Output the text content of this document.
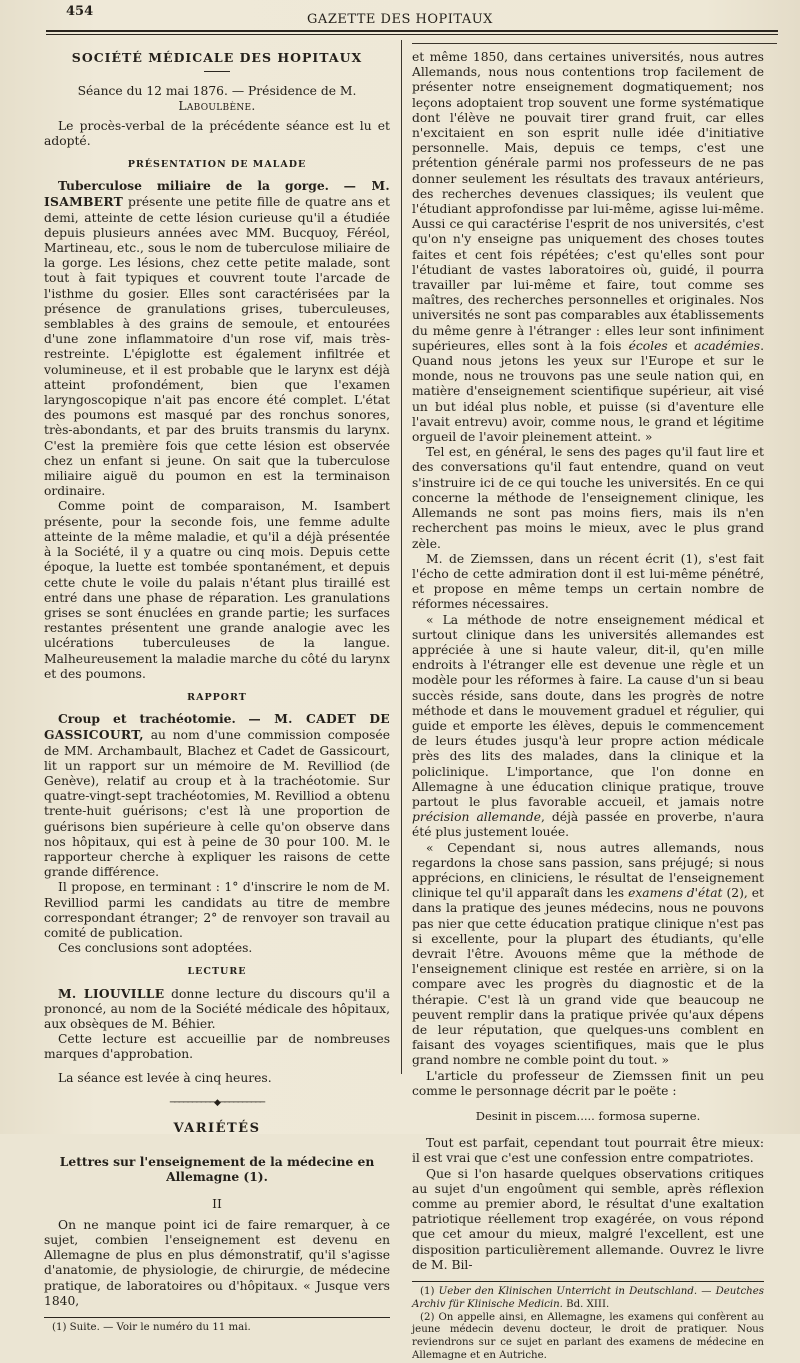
454
GAZETTE DES HOPITAUX
SOCIÉTÉ MÉDICALE DES HOPITAUX

Séance du 12 mai 1876. — Présidence de M. Laboulbène.

Le procès-verbal de la précédente séance est lu et adopté.

PRÉSENTATION DE MALADE

Tuberculose miliaire de la gorge. — M. ISAMBERT présente une petite fille de quatre ans et demi, atteinte de cette lésion curieuse qu'il a étudiée depuis plusieurs années avec MM. Bucquoy, Féréol, Martineau, etc., sous le nom de tuberculose miliaire de la gorge. Les lésions, chez cette petite malade, sont tout à fait typiques et couvrent toute l'arcade de l'isthme du gosier. Elles sont caractérisées par la présence de granulations grises, tuberculeuses, semblables à des grains de semoule, et entourées d'une zone inflammatoire d'un rose vif, mais très-restreinte. L'épiglotte est également infiltrée et volumineuse, et il est probable que le larynx est déjà atteint profondément, bien que l'examen laryngoscopique n'ait pas encore été complet. L'état des poumons est masqué par des ronchus sonores, très-abondants, et par des bruits transmis du larynx. C'est la première fois que cette lésion est observée chez un enfant si jeune. On sait que la tuberculose miliaire aiguë du poumon en est la terminaison ordinaire.

Comme point de comparaison, M. Isambert présente, pour la seconde fois, une femme adulte atteinte de la même maladie, et qu'il a déjà présentée à la Société, il y a quatre ou cinq mois. Depuis cette époque, la luette est tombée spontanément, et depuis cette chute le voile du palais n'étant plus tiraillé est entré dans une phase de réparation. Les granulations grises se sont énuclées en grande partie; les surfaces restantes présentent une grande analogie avec les ulcérations tuberculeuses de la langue. Malheureusement la maladie marche du côté du larynx et des poumons.

RAPPORT

Croup et trachéotomie. — M. CADET DE GASSICOURT, au nom d'une commission composée de MM. Archambault, Blachez et Cadet de Gassicourt, lit un rapport sur un mémoire de M. Revilliod (de Genève), relatif au croup et à la trachéotomie. Sur quatre-vingt-sept trachéotomies, M. Revilliod a obtenu trente-huit guérisons; c'est là une proportion de guérisons bien supérieure à celle qu'on observe dans nos hôpitaux, qui est à peine de 30 pour 100. M. le rapporteur cherche à expliquer les raisons de cette grande différence.

Il propose, en terminant : 1° d'inscrire le nom de M. Revilliod parmi les candidats au titre de membre correspondant étranger; 2° de renvoyer son travail au comité de publication.

Ces conclusions sont adoptées.

LECTURE

M. LIOUVILLE donne lecture du discours qu'il a prononcé, au nom de la Société médicale des hôpitaux, aux obsèques de M. Béhier.

Cette lecture est accueillie par de nombreuses marques d'approbation.

La séance est levée à cinq heures.

──────────◆──────────
VARIÉTÉS
Lettres sur l'enseignement de la médecine en Allemagne (1).
II

On ne manque point ici de faire remarquer, à ce sujet, combien l'enseignement est devenu en Allemagne de plus en plus démonstratif, qu'il s'agisse d'anatomie, de physiologie, de chirurgie, de médecine pratique, de laboratoires ou d'hôpitaux. « Jusque vers 1840,

(1) Suite. — Voir le numéro du 11 mai.

et même 1850, dans certaines universités, nous autres Allemands, nous nous contentions trop facilement de présenter notre enseignement dogmatiquement; nos leçons adoptaient trop souvent une forme systématique dont l'élève ne pouvait tirer grand fruit, car elles n'excitaient en son esprit nulle idée d'initiative personnelle. Mais, depuis ce temps, c'est une prétention générale parmi nos professeurs de ne pas donner seulement les résultats des travaux antérieurs, des recherches devenues classiques; ils veulent que l'étudiant approfondisse par lui-même, agisse lui-même. Aussi ce qui caractérise l'esprit de nos universités, c'est qu'on n'y enseigne pas uniquement des choses toutes faites et cent fois répétées; c'est qu'elles sont pour l'étudiant de vastes laboratoires où, guidé, il pourra travailler par lui-même et faire, tout comme ses maîtres, des recherches personnelles et originales. Nos universités ne sont pas comparables aux établissements du même genre à l'étranger : elles leur sont infiniment supérieures, elles sont à la fois écoles et académies. Quand nous jetons les yeux sur l'Europe et sur le monde, nous ne trouvons pas une seule nation qui, en matière d'enseignement scientifique supérieur, ait visé un but idéal plus noble, et puisse (si d'aventure elle l'avait entrevu) avoir, comme nous, le grand et légitime orgueil de l'avoir pleinement atteint. »

Tel est, en général, le sens des pages qu'il faut lire et des conversations qu'il faut entendre, quand on veut s'instruire ici de ce qui touche les universités. En ce qui concerne la méthode de l'enseignement clinique, les Allemands ne sont pas moins fiers, mais ils n'en recherchent pas moins le mieux, avec le plus grand zèle.

M. de Ziemssen, dans un récent écrit (1), s'est fait l'écho de cette admiration dont il est lui-même pénétré, et propose en même temps un certain nombre de réformes nécessaires.

« La méthode de notre enseignement médical et surtout clinique dans les universités allemandes est appréciée à une si haute valeur, dit-il, qu'en mille endroits à l'étranger elle est devenue une règle et un modèle pour les réformes à faire. La cause d'un si beau succès réside, sans doute, dans les progrès de notre méthode et dans le mouvement graduel et régulier, qui guide et emporte les élèves, depuis le commencement de leurs études jusqu'à leur propre action médicale près des lits des malades, dans la clinique et la policlinique. L'importance, que l'on donne en Allemagne à une éducation clinique pratique, trouve partout le plus favorable accueil, et jamais notre précision allemande, déjà passée en proverbe, n'aura été plus justement louée.

« Cependant si, nous autres allemands, nous regardons la chose sans passion, sans préjugé; si nous apprécions, en cliniciens, le résultat de l'enseignement clinique tel qu'il apparaît dans les examens d'état (2), et dans la pratique des jeunes médecins, nous ne pouvons pas nier que cette éducation pratique clinique n'est pas si excellente, pour la plupart des étudiants, qu'elle devrait l'être. Avouons même que la méthode de l'enseignement clinique est restée en arrière, si on la compare avec les progrès du diagnostic et de la thérapie. C'est là un grand vide que beaucoup ne peuvent remplir dans la pratique privée qu'aux dépens de leur réputation, que quelques-uns comblent en faisant des voyages scientifiques, mais que le plus grand nombre ne comble point du tout. »

L'article du professeur de Ziemssen finit un peu comme le personnage décrit par le poëte :

Desinit in piscem..... formosa superne.

Tout est parfait, cependant tout pourrait être mieux: il est vrai que c'est une confession entre compatriotes.

Que si l'on hasarde quelques observations critiques au sujet d'un engoûment qui semble, après réflexion comme au premier abord, le résultat d'une exaltation patriotique réellement trop exagérée, on vous répond que cet amour du mieux, malgré l'excellent, est une disposition particulièrement allemande. Ouvrez le livre de M. Bil-

(1) Ueber den Klinischen Unterricht in Deutschland. — Deutches Archiv für Klinische Medicin. Bd. XIII.

(2) On appelle ainsi, en Allemagne, les examens qui confèrent au jeune médecin devenu docteur, le droit de pratiquer. Nous reviendrons sur ce sujet en parlant des examens de médecine en Allemagne et en Autriche.
